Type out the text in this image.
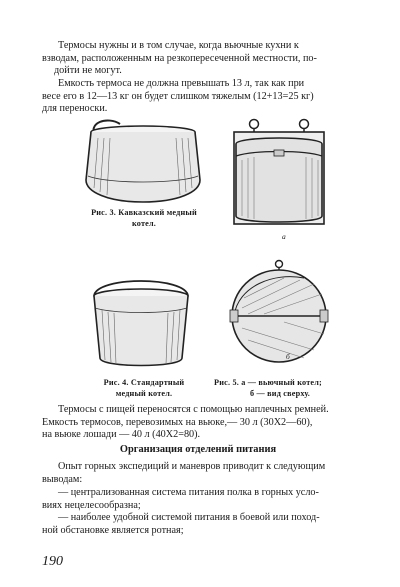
Термосы нужны и в том случае, когда вьючные кухни к
взводам, расположенным на резкопересеченной местности, по-
дойти не могут.
Емкость термоса не должна превышать 13 л, так как при
весе его в 12—13 кг он будет слишком тяжелым (12+13=25 кг)
для переноски.
Рис. 3. Кавказский медный
котел.
а
Рис. 4. Стандартный
медный котел.
б
Рис. 5. а — вьючный котел;
б — вид сверху.
Термосы с пищей переносятся с помощью наплечных ремней.
Емкость термосов, перевозимых на вьюке,— 30 л (30Х2—60),
на вьюке лошади — 40 л (40Х2=80).
Организация отделений питания
Опыт горных экспедиций и маневров приводит к следующим
выводам:
— централизованная система питания полка в горных усло-
виях нецелесообразна;
— наиболее удобной системой питания в боевой или поход-
ной обстановке является ротная;
190
